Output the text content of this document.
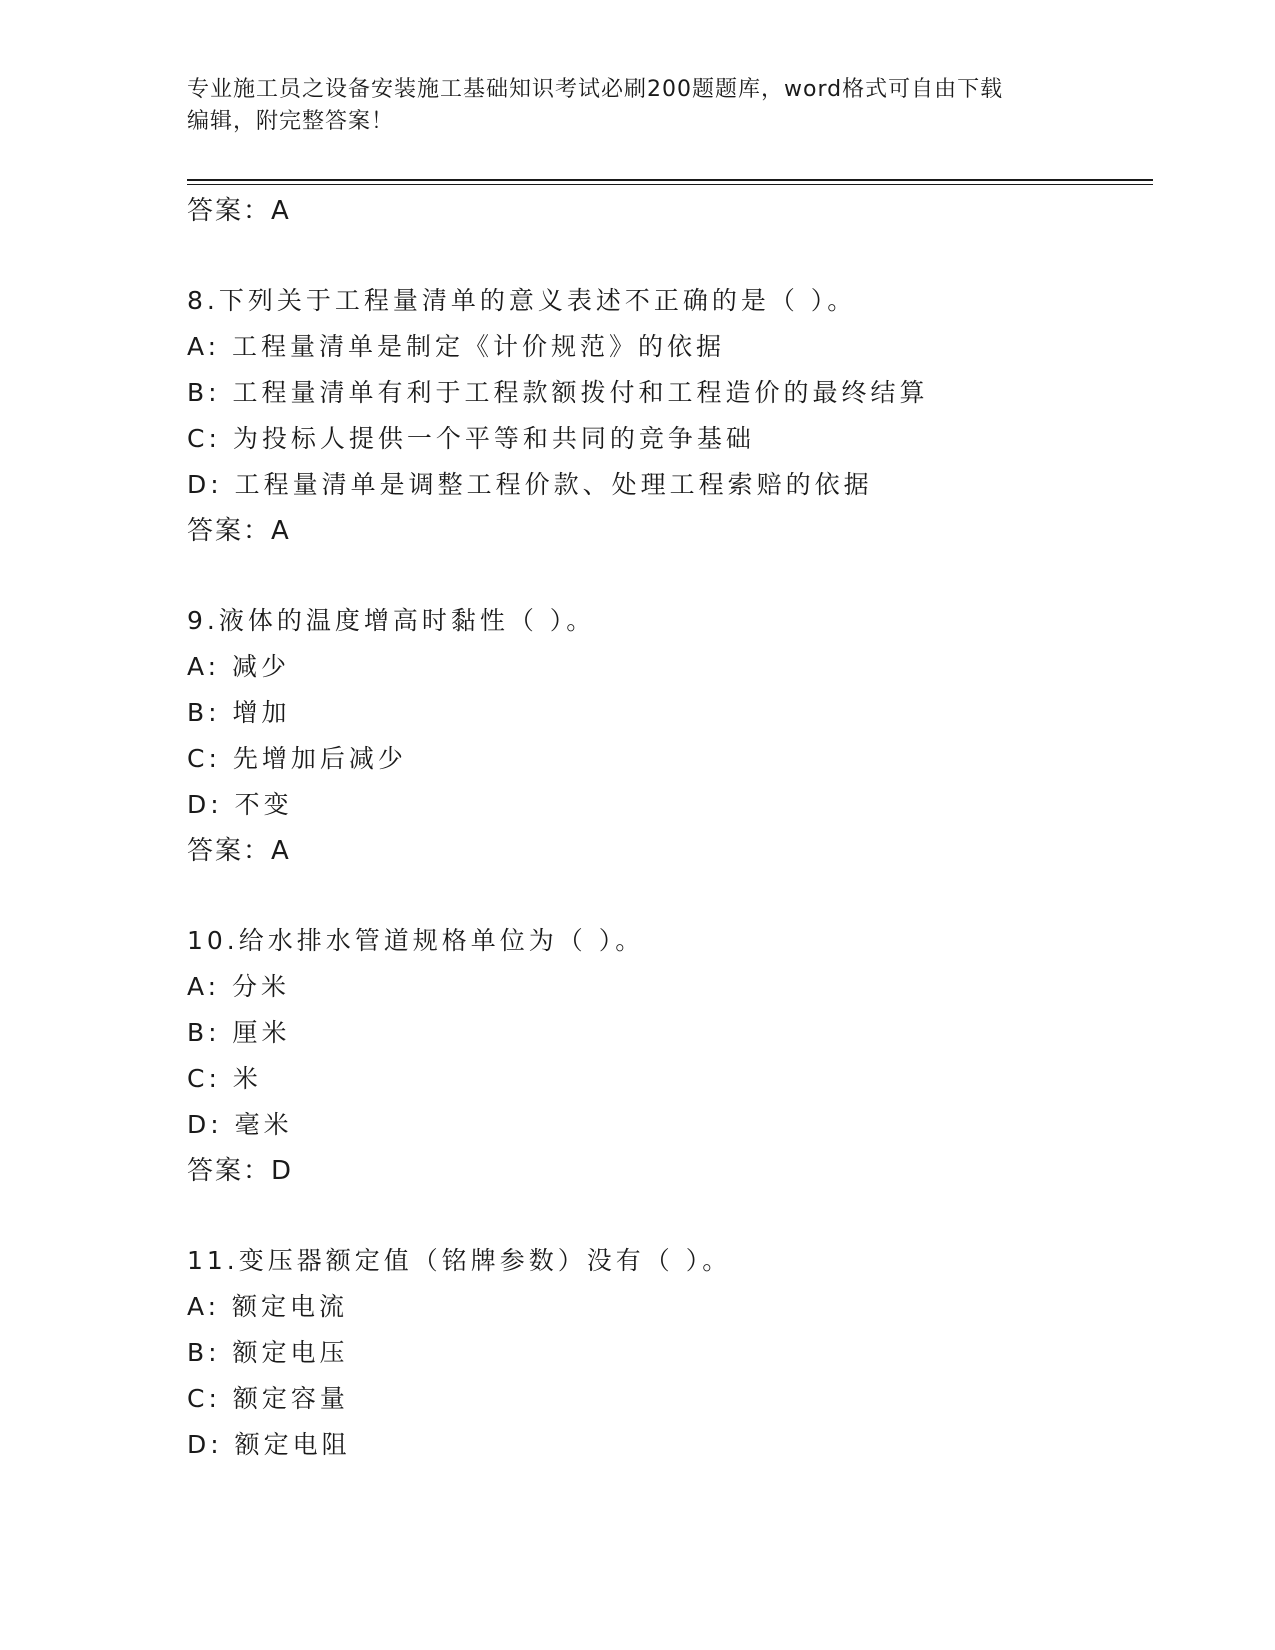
专业施工员之设备安装施工基础知识考试必刷200题题库，word格式可自由下载
编辑，附完整答案！
答案：A
8.下列关于工程量清单的意义表述不正确的是（ ）。
A: 工程量清单是制定《计价规范》的依据
B: 工程量清单有利于工程款额拨付和工程造价的最终结算
C: 为投标人提供一个平等和共同的竞争基础
D: 工程量清单是调整工程价款、处理工程索赔的依据
答案：A
9.液体的温度增高时黏性（ ）。
A: 减少
B: 增加
C: 先增加后减少
D: 不变
答案：A
10.给水排水管道规格单位为（ ）。
A: 分米
B: 厘米
C: 米
D: 毫米
答案：D
11.变压器额定值（铭牌参数）没有（ ）。
A: 额定电流
B: 额定电压
C: 额定容量
D: 额定电阻
